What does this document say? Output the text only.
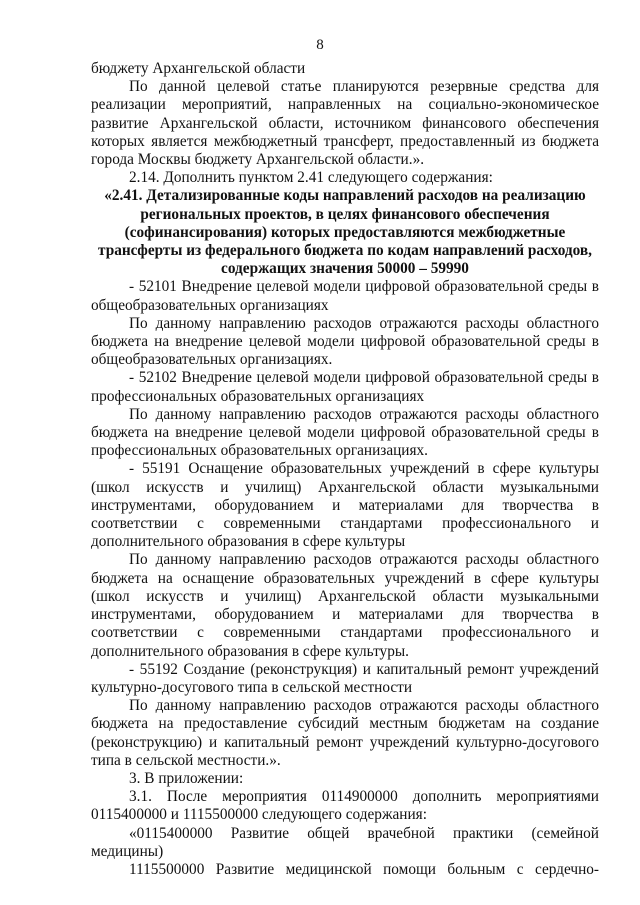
8

бюджету Архангельской области

По данной целевой статье планируются резервные средства для реализации мероприятий, направленных на социально-экономическое развитие Архангельской области, источником финансового обеспечения которых является межбюджетный трансферт, предоставленный из бюджета города Москвы бюджету Архангельской области.».

2.14. Дополнить пунктом 2.41 следующего содержания:

«2.41. Детализированные коды направлений расходов на реализацию региональных проектов, в целях финансового обеспечения (софинансирования) которых предоставляются межбюджетные трансферты из федерального бюджета по кодам направлений расходов, содержащих значения 50000 – 59990

- 52101 Внедрение целевой модели цифровой образовательной среды в общеобразовательных организациях

По данному направлению расходов отражаются расходы областного бюджета на внедрение целевой модели цифровой образовательной среды в общеобразовательных организациях.

- 52102 Внедрение целевой модели цифровой образовательной среды в профессиональных образовательных организациях

По данному направлению расходов отражаются расходы областного бюджета на внедрение целевой модели цифровой образовательной среды в профессиональных образовательных организациях.

- 55191 Оснащение образовательных учреждений в сфере культуры (школ искусств и училищ) Архангельской области музыкальными инструментами, оборудованием и материалами для творчества в соответствии с современными стандартами профессионального и дополнительного образования в сфере культуры

По данному направлению расходов отражаются расходы областного бюджета на оснащение образовательных учреждений в сфере культуры (школ искусств и училищ) Архангельской области музыкальными инструментами, оборудованием и материалами для творчества в соответствии с современными стандартами профессионального и дополнительного образования в сфере культуры.

- 55192 Создание (реконструкция) и капитальный ремонт учреждений культурно-досугового типа в сельской местности

По данному направлению расходов отражаются расходы областного бюджета на предоставление субсидий местным бюджетам на создание (реконструкцию) и капитальный ремонт учреждений культурно-досугового типа в сельской местности.».

3. В приложении:

3.1. После мероприятия 0114900000 дополнить мероприятиями 0115400000 и 1115500000 следующего содержания:

«0115400000 Развитие общей врачебной практики (семейной медицины)

1115500000 Развитие медицинской помощи больным с сердечно-
